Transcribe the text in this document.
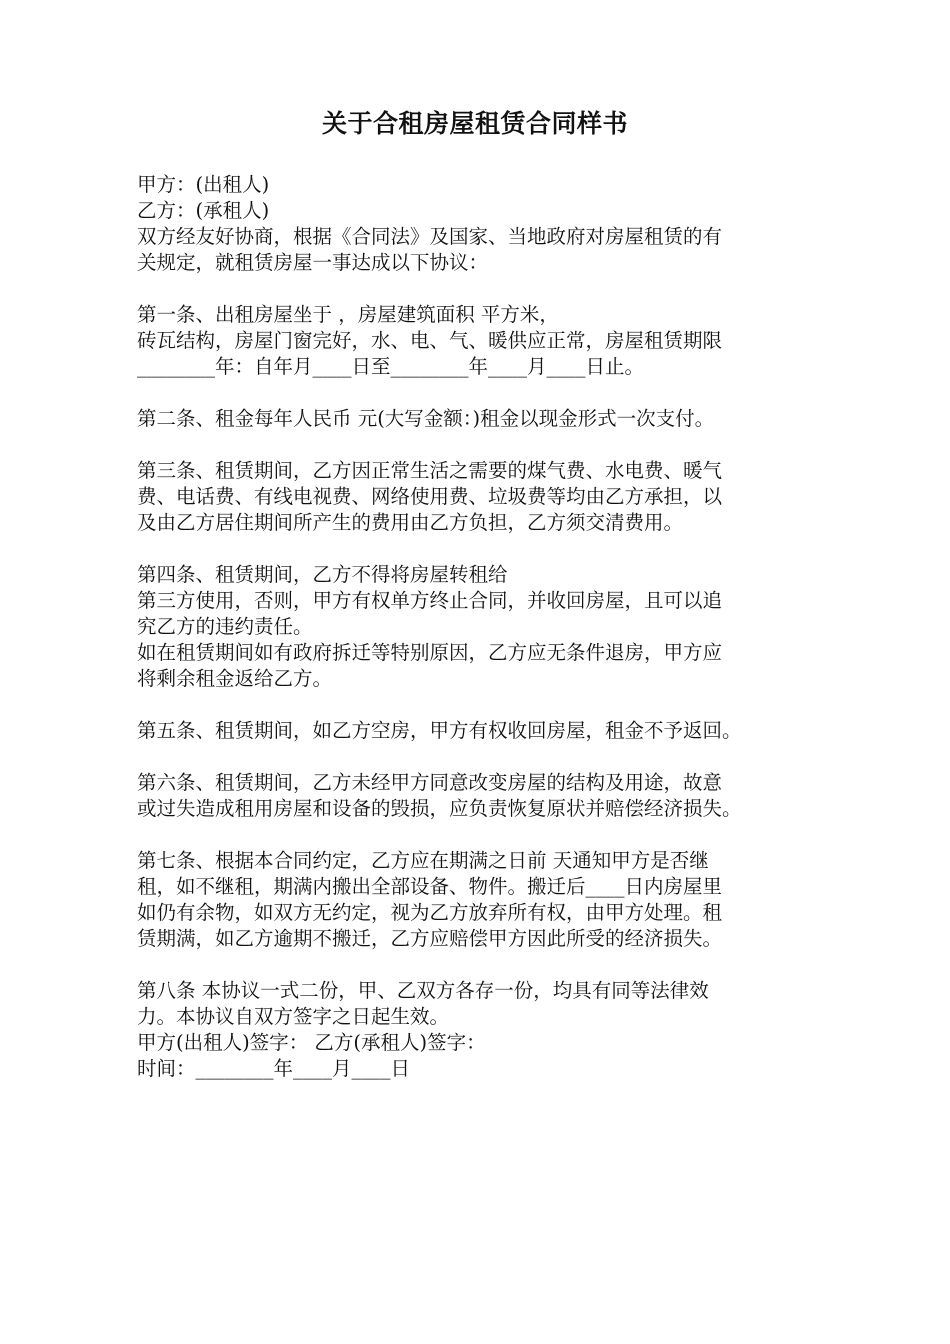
关于合租房屋租赁合同样书
甲方：(出租人)
乙方：(承租人)
双方经友好协商，根据《合同法》及国家、当地政府对房屋租赁的有
关规定，就租赁房屋一事达成以下协议：
第一条、出租房屋坐于 ，房屋建筑面积 平方米，
砖瓦结构，房屋门窗完好，水、电、气、暖供应正常，房屋租赁期限
________年：自年月____日至________年____月____日止。
第二条、租金每年人民币 元(大写金额：)租金以现金形式一次支付。
第三条、租赁期间，乙方因正常生活之需要的煤气费、水电费、暖气
费、电话费、有线电视费、网络使用费、垃圾费等均由乙方承担，以
及由乙方居住期间所产生的费用由乙方负担，乙方须交清费用。
第四条、租赁期间，乙方不得将房屋转租给
第三方使用，否则，甲方有权单方终止合同，并收回房屋，且可以追
究乙方的违约责任。
如在租赁期间如有政府拆迁等特别原因，乙方应无条件退房，甲方应
将剩余租金返给乙方。
第五条、租赁期间，如乙方空房，甲方有权收回房屋，租金不予返回。
第六条、租赁期间，乙方未经甲方同意改变房屋的结构及用途，故意
或过失造成租用房屋和设备的毁损，应负责恢复原状并赔偿经济损失。
第七条、根据本合同约定，乙方应在期满之日前 天通知甲方是否继
租，如不继租，期满内搬出全部设备、物件。搬迁后____日内房屋里
如仍有余物，如双方无约定，视为乙方放弃所有权，由甲方处理。租
赁期满，如乙方逾期不搬迁，乙方应赔偿甲方因此所受的经济损失。
第八条 本协议一式二份，甲、乙双方各存一份，均具有同等法律效
力。本协议自双方签字之日起生效。
甲方(出租人)签字： 乙方(承租人)签字：
时间：________年____月____日
